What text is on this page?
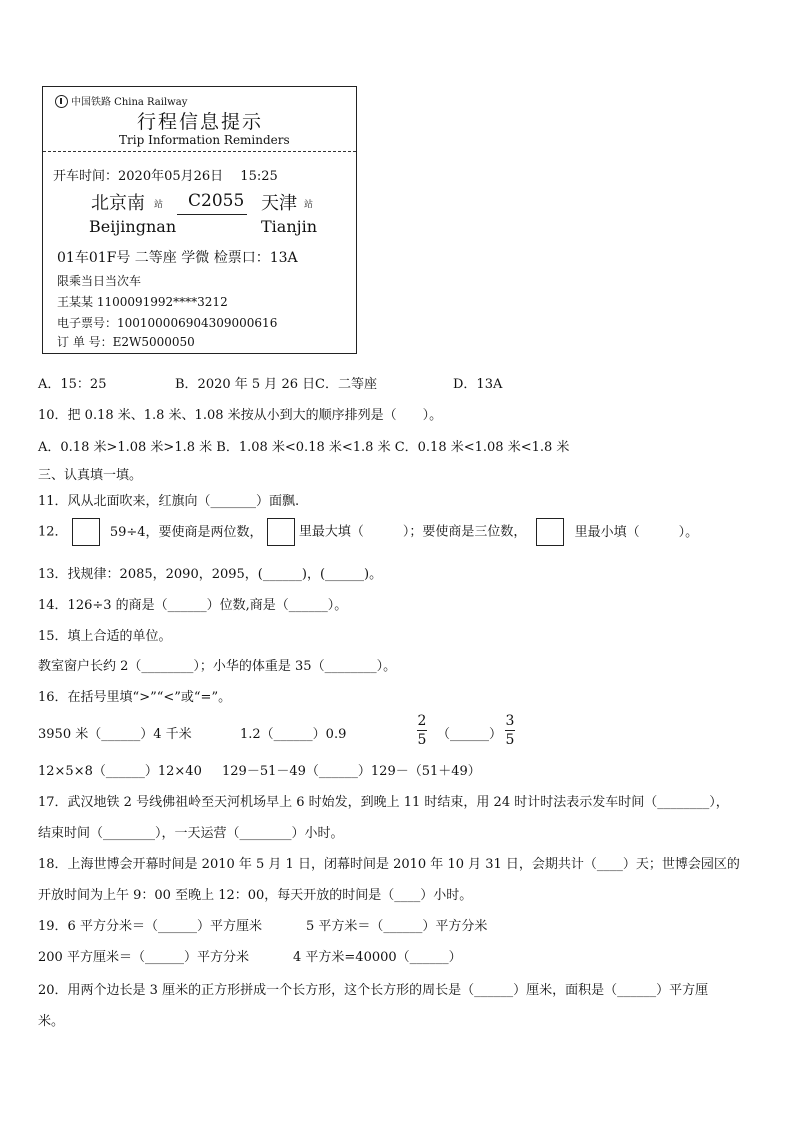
中国铁路 China Railway
行程信息提示
Trip Information Reminders
开车时间：2020年05月26日　 15:25
北京南 站
Beijingnan
C2055 天津 站
Tianjin
01车01F号 二等座 学微 检票口：13A
限乘当日当次车
王某某 1100091992****3212
电子票号：10010000690430900061​6
订 单 号：E2W5000050
A．15：25	B．2020 年 5 月 26 日 C．二等座	D．13A
10．把 0.18 米、1.8 米、1.08 米按从小到大的顺序排列是（　　）。
A．0.18 米>1.08 米>1.8 米 B．1.08 米<0.18 米<1.8 米 C．0.18 米<1.08 米<1.8 米
三、认真填一填。
11．风从北面吹来，红旗向（_______）面飘.
12．	59÷4，要使商是两位数，	里最大填（　　　）；要使商是三位数，	里最小填（　　　）。
13．找规律：2085，2090，2095，(______)，(______)。
14．126÷3 的商是（______）位数,商是（______）。
15．填上合适的单位。
教室窗户长约 2（________）；小华的体重是 35（________）。
16．在括号里填“>”“<”或“=”。
3950 米（______）4 千米	1.2（______）0.9
2
5 （______）
3
5
12×5×8（______）12×40 129－51－49（______）129－（51＋49）
17．武汉地铁 2 号线佛祖岭至天河机场早上 6 时始发，到晚上 11 时结束，用 24 时计时法表示发车时间（________），
结束时间（________），一天运营（________）小时。
18．上海世博会开幕时间是 2010 年 5 月 1 日，闭幕时间是 2010 年 10 月 31 日，会期共计（____）天；世博会园区的
开放时间为上午 9：00 至晚上 12：00，每天开放的时间是（____）小时。
19．6 平方分米＝（______）平方厘米	5 平方米＝（______）平方分米
200 平方厘米＝（______）平方分米	4 平方米=40000（______）
20．用两个边长是 3 厘米的正方形拼成一个长方形，这个长方形的周长是（______）厘米，面积是（______）平方厘
米。
